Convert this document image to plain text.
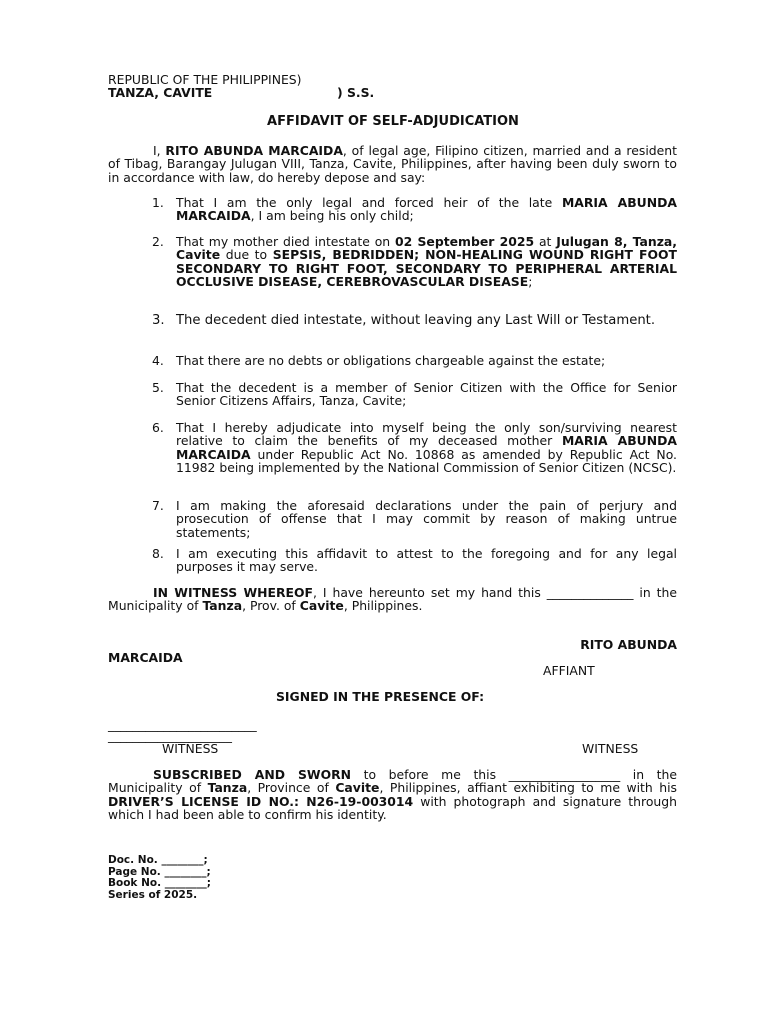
REPUBLIC OF THE PHILIPPINES)
TANZA, CAVITE	) S.S.
AFFIDAVIT OF SELF-ADJUDICATION
I, RITO ABUNDA MARCAIDA, of legal age, Filipino citizen, married and a resident of Tibag, Barangay Julugan VIII, Tanza, Cavite, Philippines, after having been duly sworn to in accordance with law, do hereby depose and say:
1. That I am the only legal and forced heir of the late MARIA ABUNDA MARCAIDA, I am being his only child;
2. That my mother died intestate on 02 September 2025 at Julugan 8, Tanza, Cavite due to SEPSIS, BEDRIDDEN; NON-HEALING WOUND RIGHT FOOT SECONDARY TO RIGHT FOOT, SECONDARY TO PERIPHERAL ARTERIAL OCCLUSIVE DISEASE, CEREBROVASCULAR DISEASE;
3. The decedent died intestate, without leaving any Last Will or Testament.
4. That there are no debts or obligations chargeable against the estate;
5. That the decedent is a member of Senior Citizen with the Office for Senior Senior Citizens Affairs, Tanza, Cavite;
6. That I hereby adjudicate into myself being the only son/surviving nearest relative to claim the benefits of my deceased mother MARIA ABUNDA MARCAIDA under Republic Act No. 10868 as amended by Republic Act No. 11982 being implemented by the National Commission of Senior Citizen (NCSC).
7. I am making the aforesaid declarations under the pain of perjury and prosecution of offense that I may commit by reason of making untrue statements;
8. I am executing this affidavit to attest to the foregoing and for any legal purposes it may serve.
IN WITNESS WHEREOF, I have hereunto set my hand this ______________ in the Municipality of Tanza, Prov. of Cavite, Philippines.
RITO ABUNDA
MARCAIDA
AFFIANT
SIGNED IN THE PRESENCE OF:
________________________
____________________
WITNESS	WITNESS
SUBSCRIBED AND SWORN to before me this __________________ in the Municipality of Tanza, Province of Cavite, Philippines, affiant exhibiting to me with his DRIVER’S LICENSE ID NO.: N26-19-003014 with photograph and signature through which I had been able to confirm his identity.
Doc. No. ________;
Page No. ________;
Book No. ________;
Series of 2025.
